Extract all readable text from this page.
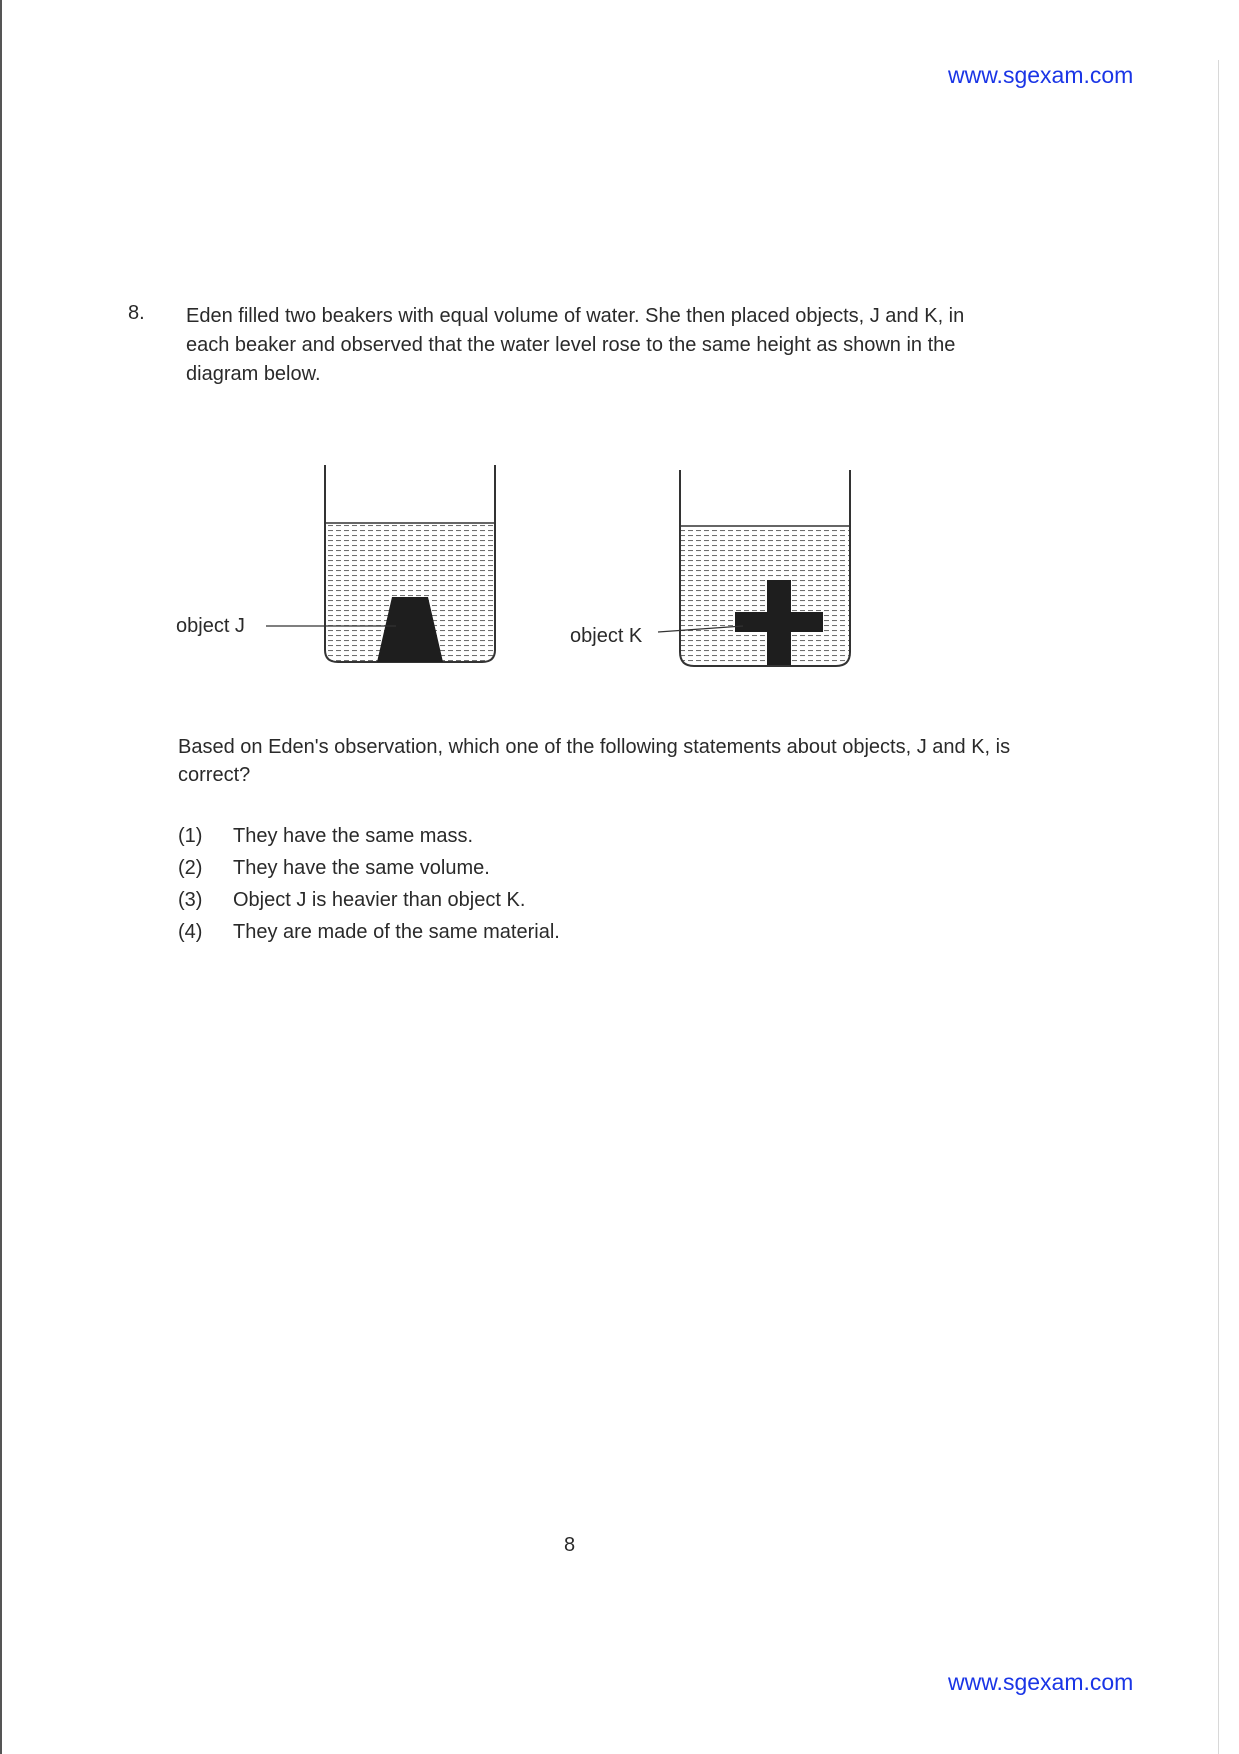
www.sgexam.com
8. Eden filled two beakers with equal volume of water. She then placed objects, J and K, in each beaker and observed that the water level rose to the same height as shown in the diagram below.
object J	object K
Based on Eden's observation, which one of the following statements about objects, J and K, is correct?
(1)	They have the same mass.
(2)	They have the same volume.
(3)	Object J is heavier than object K.
(4)	They are made of the same material.
8
www.sgexam.com
